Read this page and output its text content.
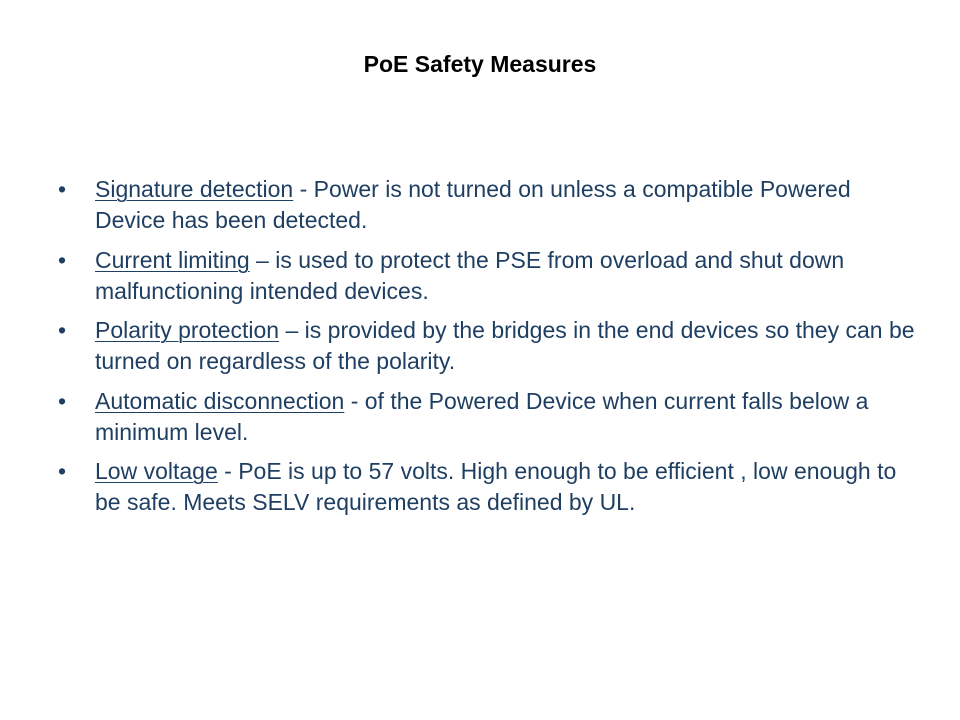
PoE Safety Measures
•	Signature detection - Power is not turned on unless a compatible Powered Device has been detected.
•	Current limiting – is used to protect the PSE from overload and shut down malfunctioning intended devices.
•	Polarity protection – is provided by the bridges in the end devices so they can be turned on regardless of the polarity.
•	Automatic disconnection - of the Powered Device when current falls below a minimum level.
•	Low voltage - PoE is up to 57 volts. High enough to be efficient , low enough to be safe. Meets SELV requirements as defined by UL.
